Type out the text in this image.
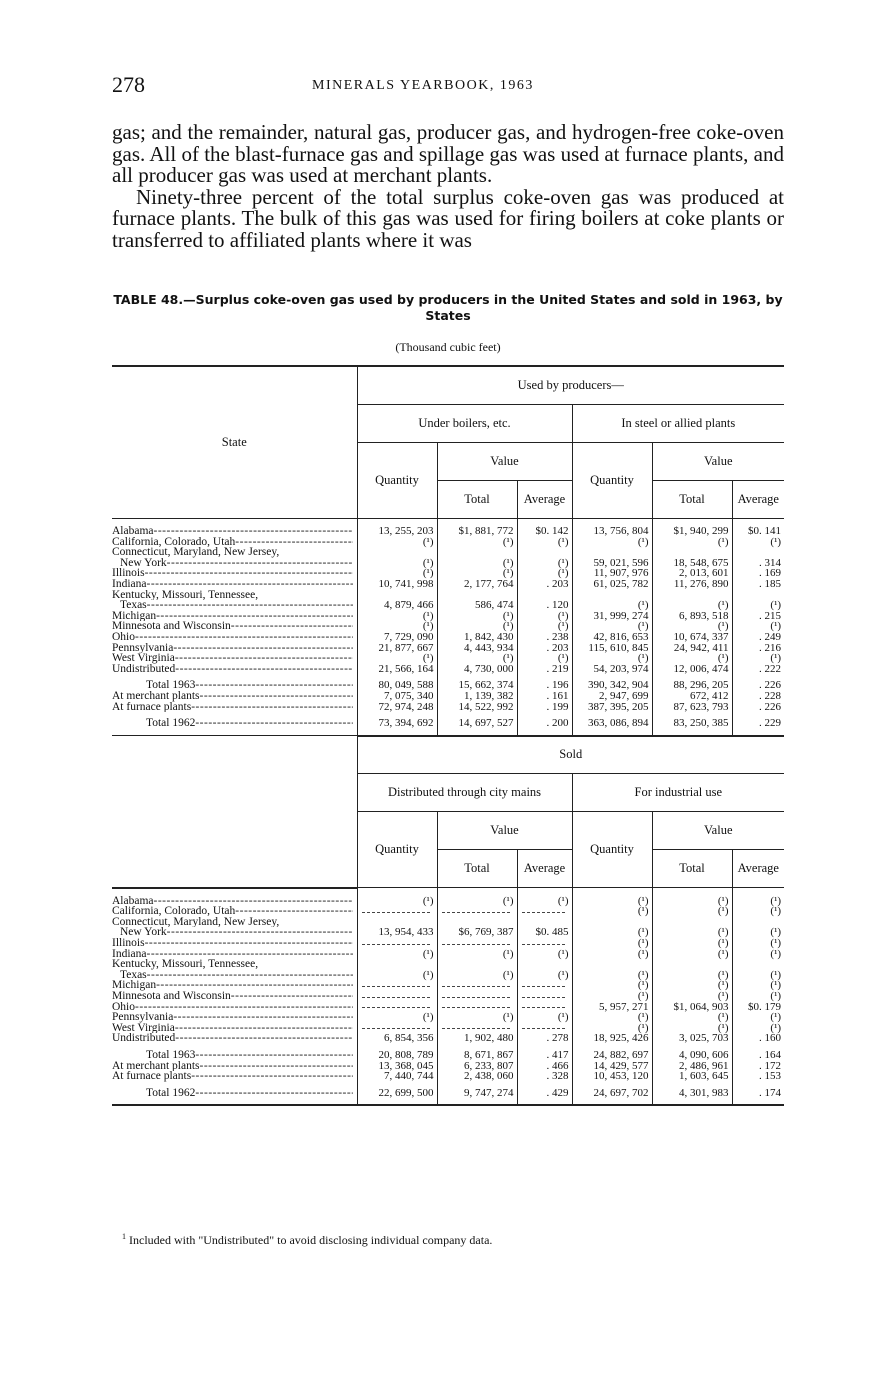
278	MINERALS YEARBOOK, 1963

gas; and the remainder, natural gas, producer gas, and hydrogen-free coke-oven gas. All of the blast-furnace gas and spillage gas was used at furnace plants, and all producer gas was used at merchant plants.

Ninety-three percent of the total surplus coke-oven gas was produced at furnace plants. The bulk of this gas was used for firing boilers at coke plants or transferred to affiliated plants where it was

TABLE 48.—Surplus coke-oven gas used by producers in the United States and sold in 1963, by States
(Thousand cubic feet)
State	Used by producers—					
	Under boilers, etc.			In steel or allied plants		
	Quantity	Value		Quantity	Value	
		Total	Average		Total	Average

Alabama -----	13, 255, 203	$1, 881, 772	$0. 142	13, 756, 804	$1, 940, 299	$0. 141

California, Colorado, Utah -----	(¹)	(¹)	(¹)	(¹)	(¹)	(¹)

Connecticut, Maryland, New Jersey,
New York -----	(¹)	(¹)	(¹)	59, 021, 596	18, 548, 675	. 314

Illinois -----	(¹)	(¹)	(¹)	11, 907, 976	2, 013, 601	. 169

Indiana -----	10, 741, 998	2, 177, 764	. 203	61, 025, 782	11, 276, 890	. 185

Kentucky, Missouri, Tennessee,
Texas -----	4, 879, 466	586, 474	. 120	(¹)	(¹)	(¹)

Michigan -----	(¹)	(¹)	(¹)	31, 999, 274	6, 893, 518	. 215

Minnesota and Wisconsin -----	(¹)	(¹)	(¹)	(¹)	(¹)	(¹)

Ohio -----	7, 729, 090	1, 842, 430	. 238	42, 816, 653	10, 674, 337	. 249

Pennsylvania -----	21, 877, 667	4, 443, 934	. 203	115, 610, 845	24, 942, 411	. 216

West Virginia -----	(¹)	(¹)	(¹)	(¹)	(¹)	(¹)

Undistributed -----	21, 566, 164	4, 730, 000	. 219	54, 203, 974	12, 006, 474	. 222

Total 1963 -----	80, 049, 588	15, 662, 374	. 196	390, 342, 904	88, 296, 205	. 226

At merchant plants -----	7, 075, 340	1, 139, 382	. 161	2, 947, 699	672, 412	. 228

At furnace plants -----	72, 974, 248	14, 522, 992	. 199	387, 395, 205	87, 623, 793	. 226

Total 1962 -----	73, 394, 692	14, 697, 527	. 200	363, 086, 894	83, 250, 385	. 229
	Sold					
	Distributed through city mains			For industrial use		
	Quantity	Value		Quantity	Value	
		Total	Average		Total	Average

Alabama -----	(¹)	(¹)	(¹)	(¹)	(¹)	(¹)

California, Colorado, Utah -----				(¹)	(¹)	(¹)

Connecticut, Maryland, New Jersey,
New York -----	13, 954, 433	$6, 769, 387	$0. 485	(¹)	(¹)	(¹)

Illinois -----				(¹)	(¹)	(¹)

Indiana -----	(¹)	(¹)	(¹)	(¹)	(¹)	(¹)

Kentucky, Missouri, Tennessee,
Texas -----	(¹)	(¹)	(¹)	(¹)	(¹)	(¹)

Michigan -----				(¹)	(¹)	(¹)

Minnesota and Wisconsin -----				(¹)	(¹)	(¹)

Ohio -----				5, 957, 271	$1, 064, 903	$0. 179

Pennsylvania -----	(¹)	(¹)	(¹)	(¹)	(¹)	(¹)

West Virginia -----				(¹)	(¹)	(¹)

Undistributed -----	6, 854, 356	1, 902, 480	. 278	18, 925, 426	3, 025, 703	. 160

Total 1963 -----	20, 808, 789	8, 671, 867	. 417	24, 882, 697	4, 090, 606	. 164

At merchant plants -----	13, 368, 045	6, 233, 807	. 466	14, 429, 577	2, 486, 961	. 172

At furnace plants -----	7, 440, 744	2, 438, 060	. 328	10, 453, 120	1, 603, 645	. 153

Total 1962 -----	22, 699, 500	9, 747, 274	. 429	24, 697, 702	4, 301, 983	. 174
$^1$ Included with "Undistributed" to avoid disclosing individual company data.
